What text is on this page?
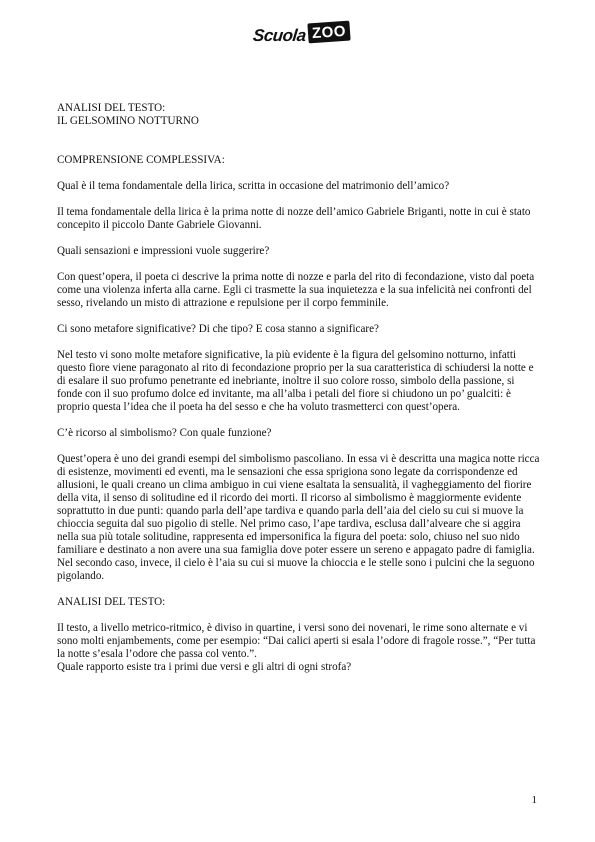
Scuola ZOO

ANALISI DEL TESTO:

IL GELSOMINO NOTTURNO

COMPRENSIONE COMPLESSIVA:

Qual è il tema fondamentale della lirica, scritta in occasione del matrimonio dell’amico?

Il tema fondamentale della lirica è la prima notte di nozze dell’amico Gabriele Briganti, notte in cui è stato concepito il piccolo Dante Gabriele Giovanni.

Quali sensazioni e impressioni vuole suggerire?

Con quest’opera, il poeta ci descrive la prima notte di nozze e parla del rito di fecondazione, visto dal poeta come una violenza inferta alla carne. Egli ci trasmette la sua inquietezza e la sua infelicità nei confronti del sesso, rivelando un misto di attrazione e repulsione per il corpo femminile.

Ci sono metafore significative? Di che tipo? E cosa stanno a significare?

Nel testo vi sono molte metafore significative, la più evidente è la figura del gelsomino notturno, infatti questo fiore viene paragonato al rito di fecondazione proprio per la sua caratteristica di schiudersi la notte e di esalare il suo profumo penetrante ed inebriante, inoltre il suo colore rosso, simbolo della passione, si fonde con il suo profumo dolce ed invitante, ma all’alba i petali del fiore si chiudono un po’ gualciti: è proprio questa l’idea che il poeta ha del sesso e che ha voluto trasmetterci con quest’opera.

C’è ricorso al simbolismo? Con quale funzione?

Quest’opera è uno dei grandi esempi del simbolismo pascoliano. In essa vi è descritta una magica notte ricca di esistenze, movimenti ed eventi, ma le sensazioni che essa sprigiona sono legate da corrispondenze ed allusioni, le quali creano un clima ambiguo in cui viene esaltata la sensualità, il vagheggiamento del fiorire della vita, il senso di solitudine ed il ricordo dei morti. Il ricorso al simbolismo è maggiormente evidente soprattutto in due punti: quando parla dell’ape tardiva e quando parla dell’aia del cielo su cui si muove la chioccia seguita dal suo pigolio di stelle. Nel primo caso, l’ape tardiva, esclusa dall’alveare che si aggira nella sua più totale solitudine, rappresenta ed impersonifica la figura del poeta: solo, chiuso nel suo nido familiare e destinato a non avere una sua famiglia dove poter essere un sereno e appagato padre di famiglia. Nel secondo caso, invece, il cielo è l’aia su cui si muove la chioccia e le stelle sono i pulcini che la seguono pigolando.

ANALISI DEL TESTO:

Il testo, a livello metrico-ritmico, è diviso in quartine, i versi sono dei novenari, le rime sono alternate e vi sono molti enjambements, come per esempio: “Dai calici aperti si esala l’odore di fragole rosse.”, “Per tutta la notte s’esala l’odore che passa col vento.”.

Quale rapporto esiste tra i primi due versi e gli altri di ogni strofa?

1
